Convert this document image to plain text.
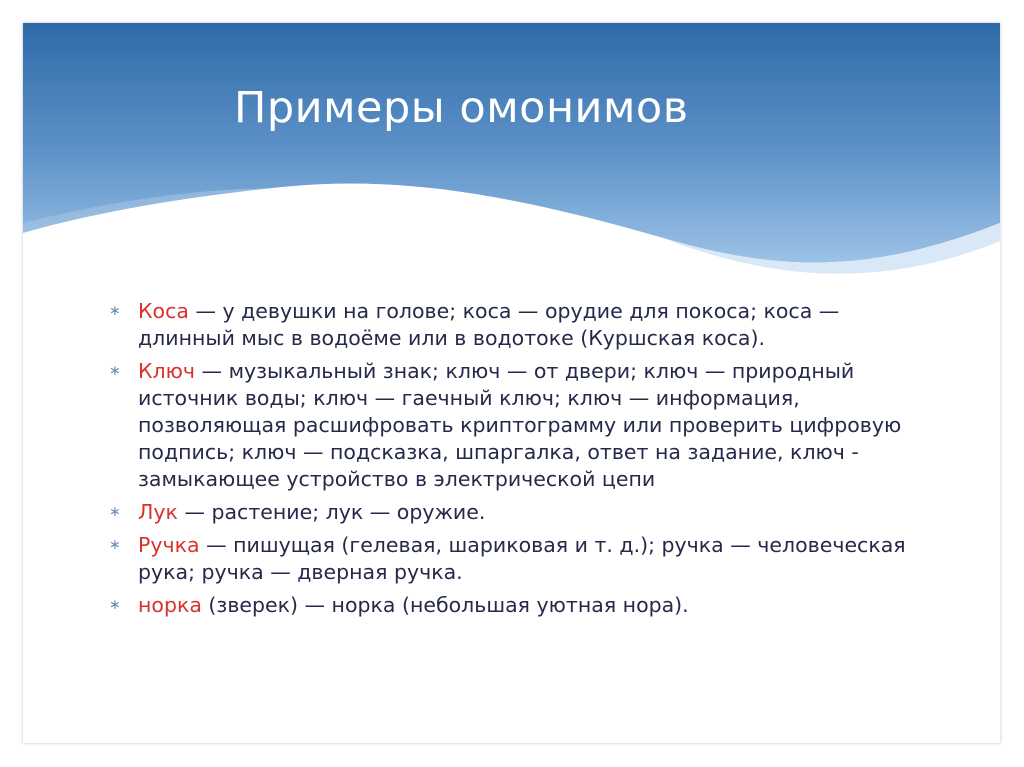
Примеры омонимов
∗ Коса — у девушки на голове; коса — орудие для покоса; коса — длинный мыс в водоёме или в водотоке (Куршская коса).
∗ Ключ — музыкальный знак; ключ — от двери; ключ — природный источник воды; ключ — гаечный ключ; ключ — информация, позволяющая расшифровать криптограмму или проверить цифровую подпись; ключ — подсказка, шпаргалка, ответ на задание, ключ - замыкающее устройство в электрической цепи
∗ Лук — растение; лук — оружие.
∗ Ручка — пишущая (гелевая, шариковая и т. д.); ручка — человеческая рука; ручка — дверная ручка.
∗ норка (зверек) — норка (небольшая уютная нора).
